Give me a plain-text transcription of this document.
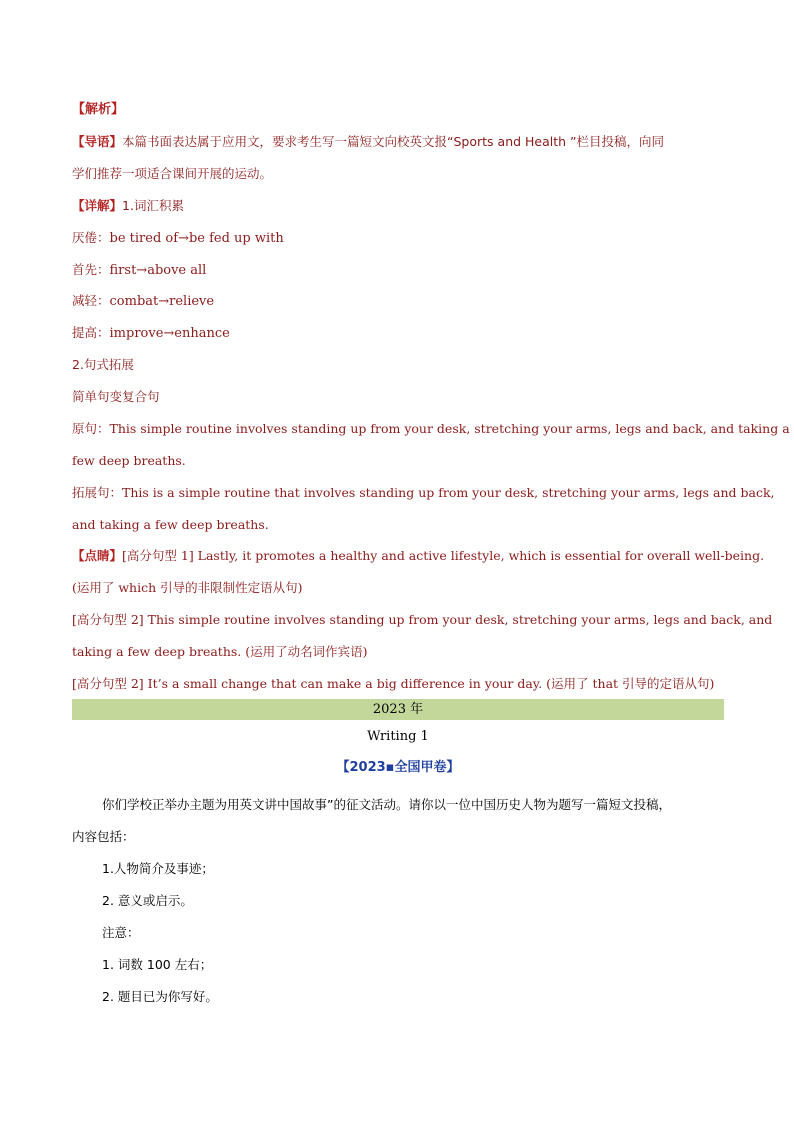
【解析】
【导语】本篇书面表达属于应用文，要求考生写一篇短文向校英文报“Sports and Health ”栏目投稿，向同
学们推荐一项适合课间开展的运动。
【详解】1.词汇积累
厌倦：be tired of→be fed up with
首先：first→above all
减轻：combat→relieve
提高：improve→enhance
2.句式拓展
简单句变复合句
原句：This simple routine involves standing up from your desk, stretching your arms, legs and back, and taking a
few deep breaths.
拓展句：This is a simple routine that involves standing up from your desk, stretching your arms, legs and back,
and taking a few deep breaths.
【点睛】[高分句型 1] Lastly, it promotes a healthy and active lifestyle, which is essential for overall well-being.
(运用了 which 引导的非限制性定语从句)
[高分句型 2] This simple routine involves standing up from your desk, stretching your arms, legs and back, and
taking a few deep breaths. (运用了动名词作宾语)
[高分句型 2] It’s a small change that can make a big difference in your day. (运用了 that 引导的定语从句)
2023 年
Writing 1
【2023▪全国甲卷】
你们学校正举办主题为用英文讲中国故事”的征文活动。请你以一位中国历史人物为题写一篇短文投稿，
内容包括：
1.人物简介及事迹；
2. 意义或启示。
注意：
1. 词数 100 左右；
2. 题目已为你写好。
